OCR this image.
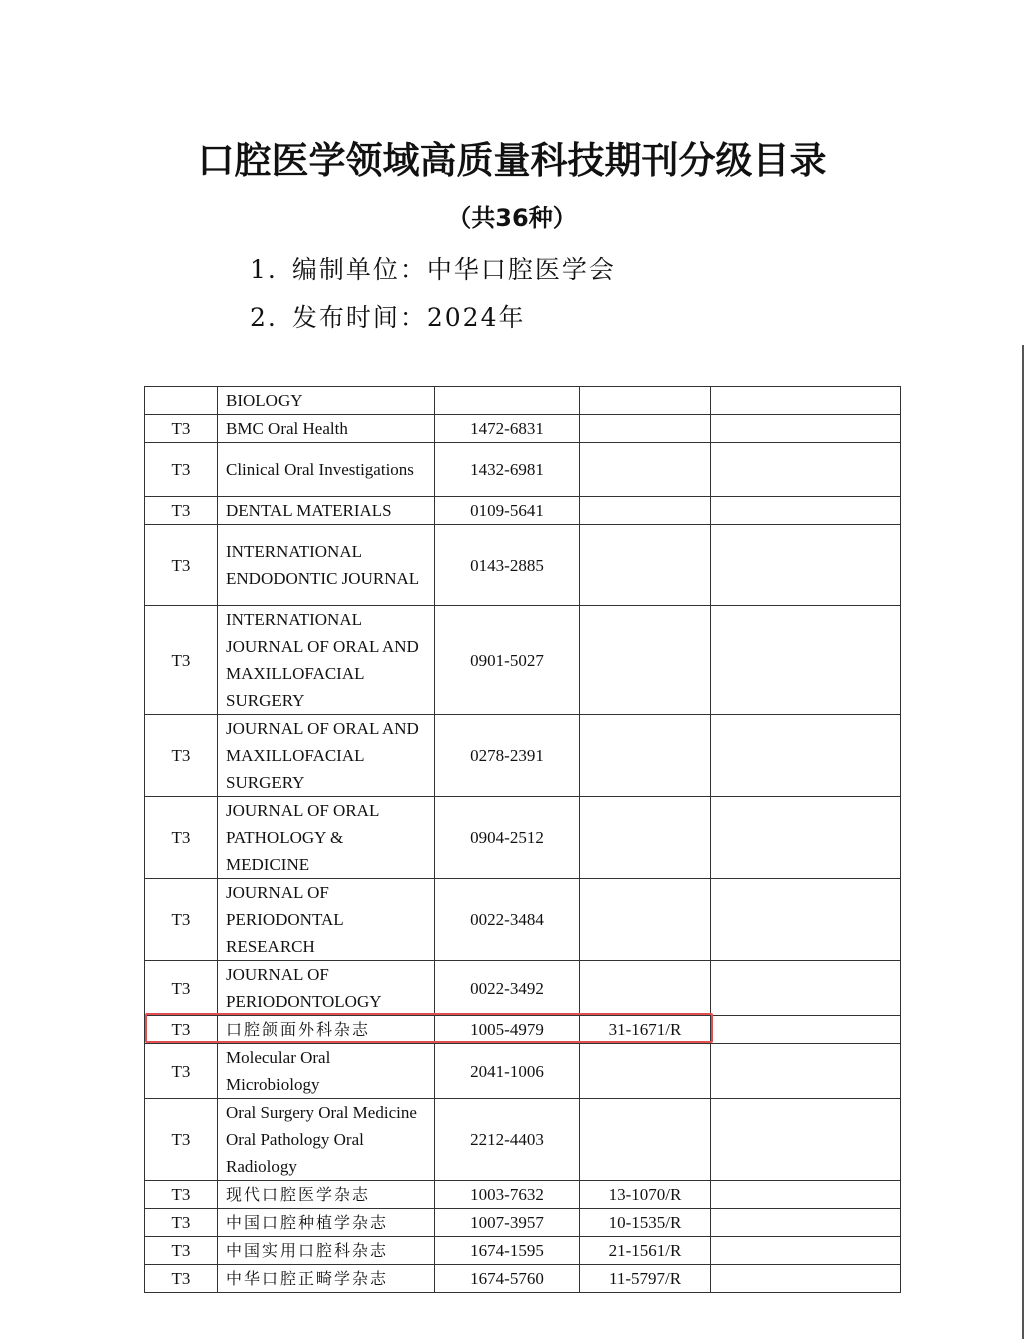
口腔医学领域高质量科技期刊分级目录
（共36种）
1. 编制单位：中华口腔医学会
2. 发布时间：2024年
	BIOLOGY			
T3	BMC Oral Health	1472-6831		
T3	Clinical Oral Investigations	1432-6981		
T3	DENTAL MATERIALS	0109-5641		
T3	INTERNATIONAL ENDODONTIC JOURNAL	0143-2885		
T3	INTERNATIONAL JOURNAL OF ORAL AND MAXILLOFACIAL SURGERY	0901-5027		
T3	JOURNAL OF ORAL AND MAXILLOFACIAL SURGERY	0278-2391		
T3	JOURNAL OF ORAL PATHOLOGY & MEDICINE	0904-2512		
T3	JOURNAL OF PERIODONTAL RESEARCH	0022-3484		
T3	JOURNAL OF PERIODONTOLOGY	0022-3492		
T3	口腔颌面外科杂志	1005-4979	31-1671/R	
T3	Molecular Oral Microbiology	2041-1006		
T3	Oral Surgery Oral Medicine Oral Pathology Oral Radiology	2212-4403		
T3	现代口腔医学杂志	1003-7632	13-1070/R	
T3	中国口腔种植学杂志	1007-3957	10-1535/R	
T3	中国实用口腔科杂志	1674-1595	21-1561/R	
T3	中华口腔正畸学杂志	1674-5760	11-5797/R	
